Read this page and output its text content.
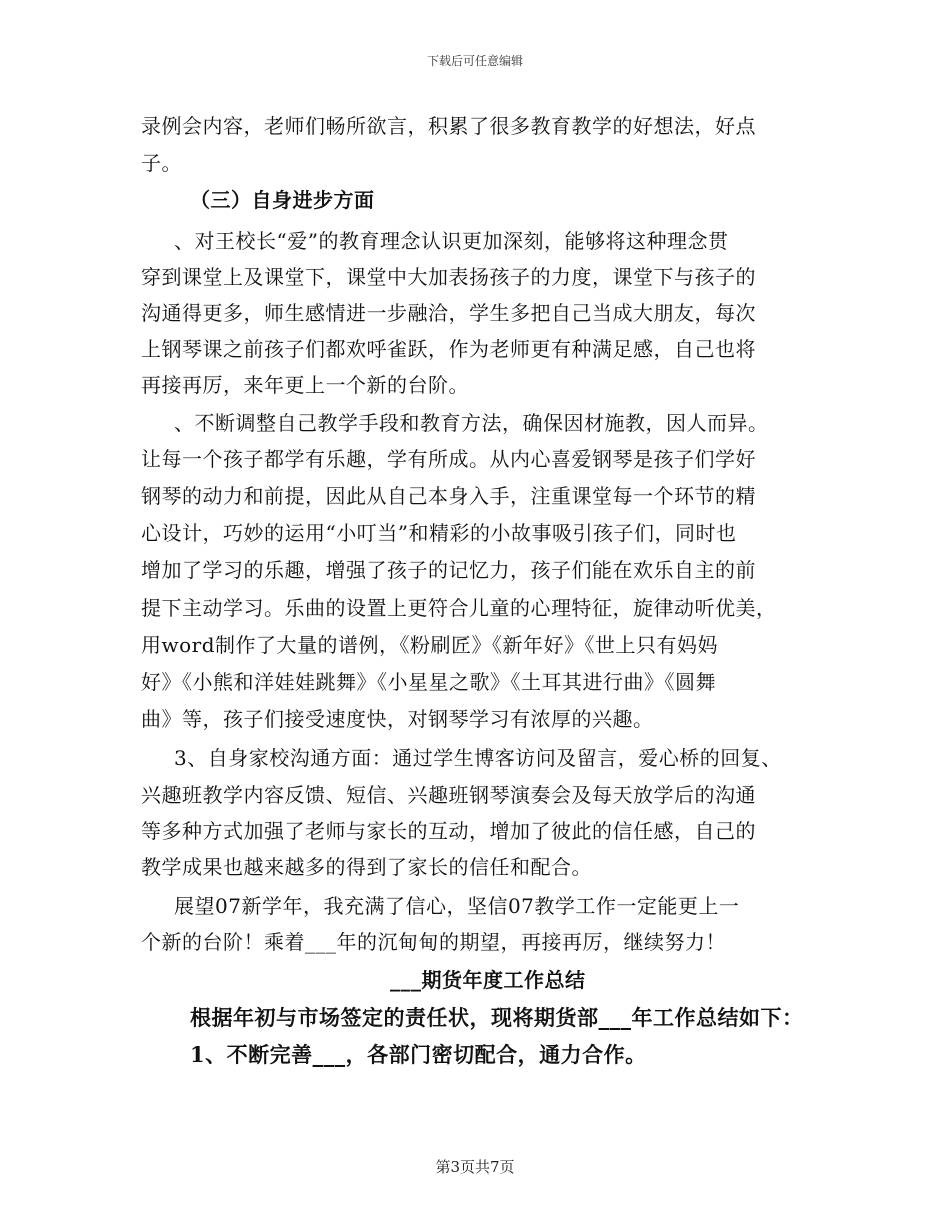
下载后可任意编辑
录例会内容，老师们畅所欲言，积累了很多教育教学的好想法，好点
子。
（三）自身进步方面
、对王校长“爱”的教育理念认识更加深刻，能够将这种理念贯
穿到课堂上及课堂下，课堂中大加表扬孩子的力度，课堂下与孩子的
沟通得更多，师生感情进一步融洽，学生多把自己当成大朋友，每次
上钢琴课之前孩子们都欢呼雀跃，作为老师更有种满足感，自己也将
再接再厉，来年更上一个新的台阶。
、不断调整自己教学手段和教育方法，确保因材施教，因人而异。
让每一个孩子都学有乐趣，学有所成。从内心喜爱钢琴是孩子们学好
钢琴的动力和前提，因此从自己本身入手，注重课堂每一个环节的精
心设计，巧妙的运用“小叮当”和精彩的小故事吸引孩子们，同时也
增加了学习的乐趣，增强了孩子的记忆力，孩子们能在欢乐自主的前
提下主动学习。乐曲的设置上更符合儿童的心理特征，旋律动听优美，
用word制作了大量的谱例，《粉刷匠》《新年好》《世上只有妈妈
好》《小熊和洋娃娃跳舞》《小星星之歌》《土耳其进行曲》《圆舞
曲》等，孩子们接受速度快，对钢琴学习有浓厚的兴趣。
3、自身家校沟通方面：通过学生博客访问及留言，爱心桥的回复、
兴趣班教学内容反馈、短信、兴趣班钢琴演奏会及每天放学后的沟通
等多种方式加强了老师与家长的互动，增加了彼此的信任感，自己的
教学成果也越来越多的得到了家长的信任和配合。
展望07新学年，我充满了信心，坚信07教学工作一定能更上一
个新的台阶！乘着___年的沉甸甸的期望，再接再厉，继续努力！
___期货年度工作总结
根据年初与市场签定的责任状，现将期货部___年工作总结如下：
1、不断完善___，各部门密切配合，通力合作。
第3页共7页
